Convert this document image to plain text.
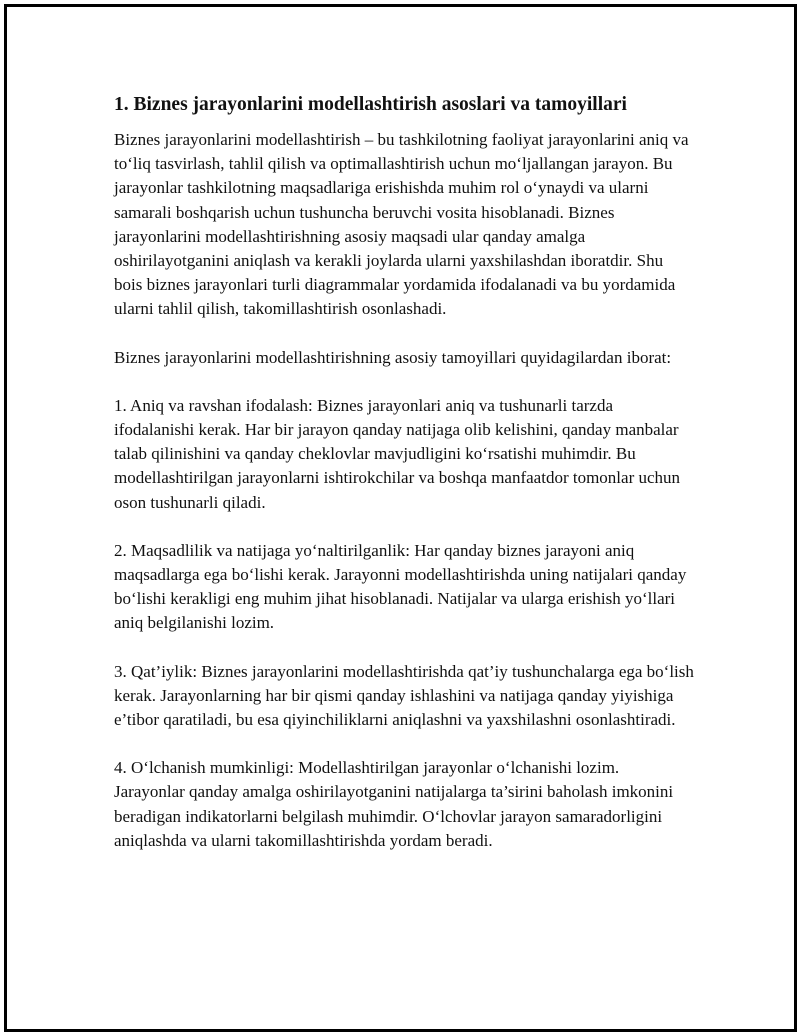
1. Biznes jarayonlarini modellashtirish asoslari va tamoyillari

Biznes jarayonlarini modellashtirish – bu tashkilotning faoliyat jarayonlarini aniq va to‘liq tasvirlash, tahlil qilish va optimallashtirish uchun mo‘ljallangan jarayon. Bu jarayonlar tashkilotning maqsadlariga erishishda muhim rol o‘ynaydi va ularni samarali boshqarish uchun tushuncha beruvchi vosita hisoblanadi. Biznes jarayonlarini modellashtirishning asosiy maqsadi ular qanday amalga oshirilayotganini aniqlash va kerakli joylarda ularni yaxshilashdan iboratdir. Shu bois biznes jarayonlari turli diagrammalar yordamida ifodalanadi va bu yordamida ularni tahlil qilish, takomillashtirish osonlashadi.

Biznes jarayonlarini modellashtirishning asosiy tamoyillari quyidagilardan iborat:

1. Aniq va ravshan ifodalash: Biznes jarayonlari aniq va tushunarli tarzda ifodalanishi kerak. Har bir jarayon qanday natijaga olib kelishini, qanday manbalar talab qilinishini va qanday cheklovlar mavjudligini ko‘rsatishi muhimdir. Bu modellashtirilgan jarayonlarni ishtirokchilar va boshqa manfaatdor tomonlar uchun oson tushunarli qiladi.

2. Maqsadlilik va natijaga yo‘naltirilganlik: Har qanday biznes jarayoni aniq maqsadlarga ega bo‘lishi kerak. Jarayonni modellashtirishda uning natijalari qanday bo‘lishi kerakligi eng muhim jihat hisoblanadi. Natijalar va ularga erishish yo‘llari aniq belgilanishi lozim.

3. Qat’iylik: Biznes jarayonlarini modellashtirishda qat’iy tushunchalarga ega bo‘lish kerak. Jarayonlarning har bir qismi qanday ishlashini va natijaga qanday yiyishiga e’tibor qaratiladi, bu esa qiyinchiliklarni aniqlashni va yaxshilashni osonlashtiradi.

4. O‘lchanish mumkinligi: Modellashtirilgan jarayonlar o‘lchanishi lozim. Jarayonlar qanday amalga oshirilayotganini natijalarga ta’sirini baholash imkonini beradigan indikatorlarni belgilash muhimdir. O‘lchovlar jarayon samaradorligini aniqlashda va ularni takomillashtirishda yordam beradi.
